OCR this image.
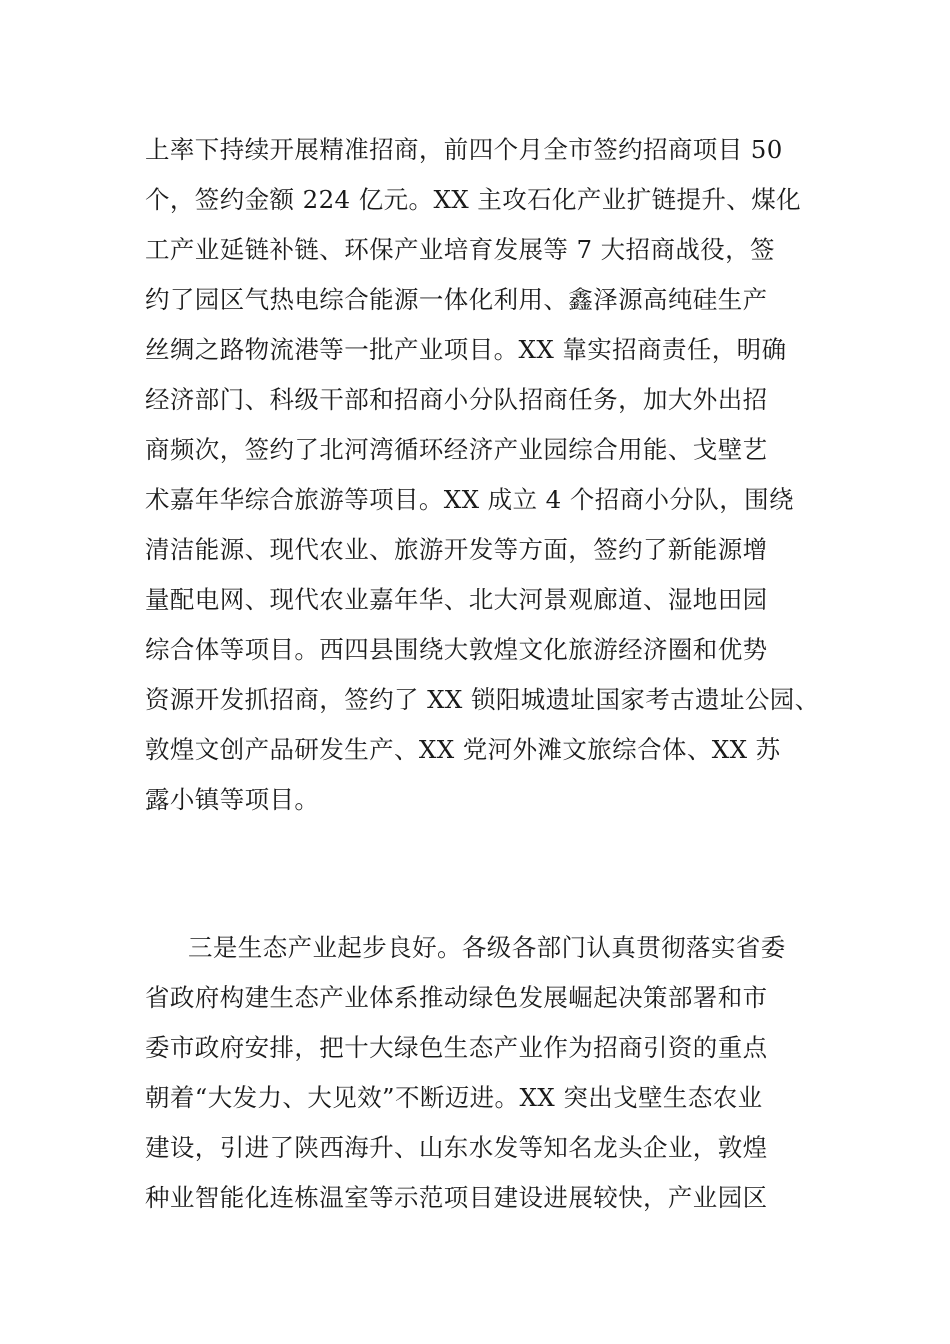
上率下持续开展精准招商，前四个月全市签约招商项目 50
个，签约金额 224 亿元。XX 主攻石化产业扩链提升、煤化
工产业延链补链、环保产业培育发展等 7 大招商战役，签
约了园区气热电综合能源一体化利用、鑫泽源高纯硅生产
丝绸之路物流港等一批产业项目。XX 靠实招商责任，明确
经济部门、科级干部和招商小分队招商任务，加大外出招
商频次，签约了北河湾循环经济产业园综合用能、戈壁艺
术嘉年华综合旅游等项目。XX 成立 4 个招商小分队，围绕
清洁能源、现代农业、旅游开发等方面，签约了新能源增
量配电网、现代农业嘉年华、北大河景观廊道、湿地田园
综合体等项目。西四县围绕大敦煌文化旅游经济圈和优势
资源开发抓招商，签约了 XX 锁阳城遗址国家考古遗址公园、
敦煌文创产品研发生产、XX 党河外滩文旅综合体、XX 苏
露小镇等项目。
三是生态产业起步良好。各级各部门认真贯彻落实省委
省政府构建生态产业体系推动绿色发展崛起决策部署和市
委市政府安排，把十大绿色生态产业作为招商引资的重点
朝着“大发力、大见效”不断迈进。XX 突出戈壁生态农业
建设，引进了陕西海升、山东水发等知名龙头企业，敦煌
种业智能化连栋温室等示范项目建设进展较快，产业园区
